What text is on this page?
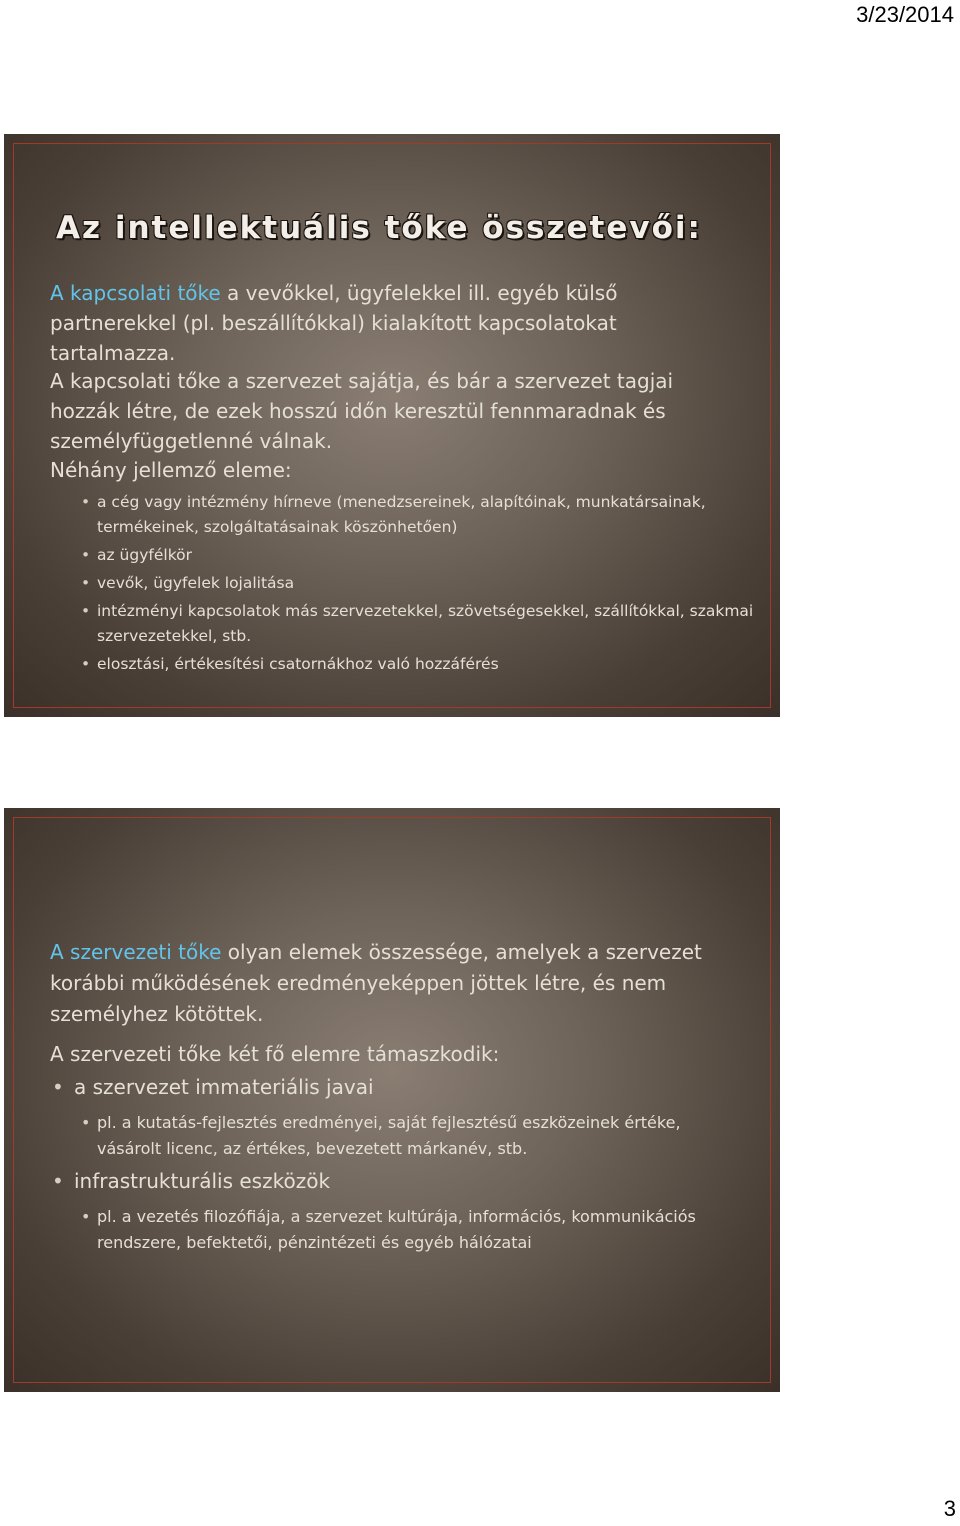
3/23/2014
Az intellektuális tőke összetevői:

A kapcsolati tőke a vevőkkel, ügyfelekkel ill. egyéb külső partnerekkel (pl. beszállítókkal) kialakított kapcsolatokat tartalmazza.

A kapcsolati tőke a szervezet sajátja, és bár a szervezet tagjai hozzák létre, de ezek hosszú időn keresztül fennmaradnak és személyfüggetlenné válnak.

Néhány jellemző eleme:

• a cég vagy intézmény hírneve (menedzsereinek, alapítóinak, munkatársainak, termékeinek, szolgáltatásainak köszönhetően)
• az ügyfélkör
• vevők, ügyfelek lojalitása
• intézményi kapcsolatok más szervezetekkel, szövetségesekkel, szállítókkal, szakmai szervezetekkel, stb.
• elosztási, értékesítési csatornákhoz való hozzáférés

A szervezeti tőke olyan elemek összessége, amelyek a szervezet korábbi működésének eredményeképpen jöttek létre, és nem személyhez kötöttek.

A szervezeti tőke két fő elemre támaszkodik:

• a szervezet immateriális javai
• pl. a kutatás-fejlesztés eredményei, saját fejlesztésű eszközeinek értéke, vásárolt licenc, az értékes, bevezetett márkanév, stb.
• infrastrukturális eszközök
• pl. a vezetés filozófiája, a szervezet kultúrája, információs, kommunikációs rendszere, befektetői, pénzintézeti és egyéb hálózatai
3
